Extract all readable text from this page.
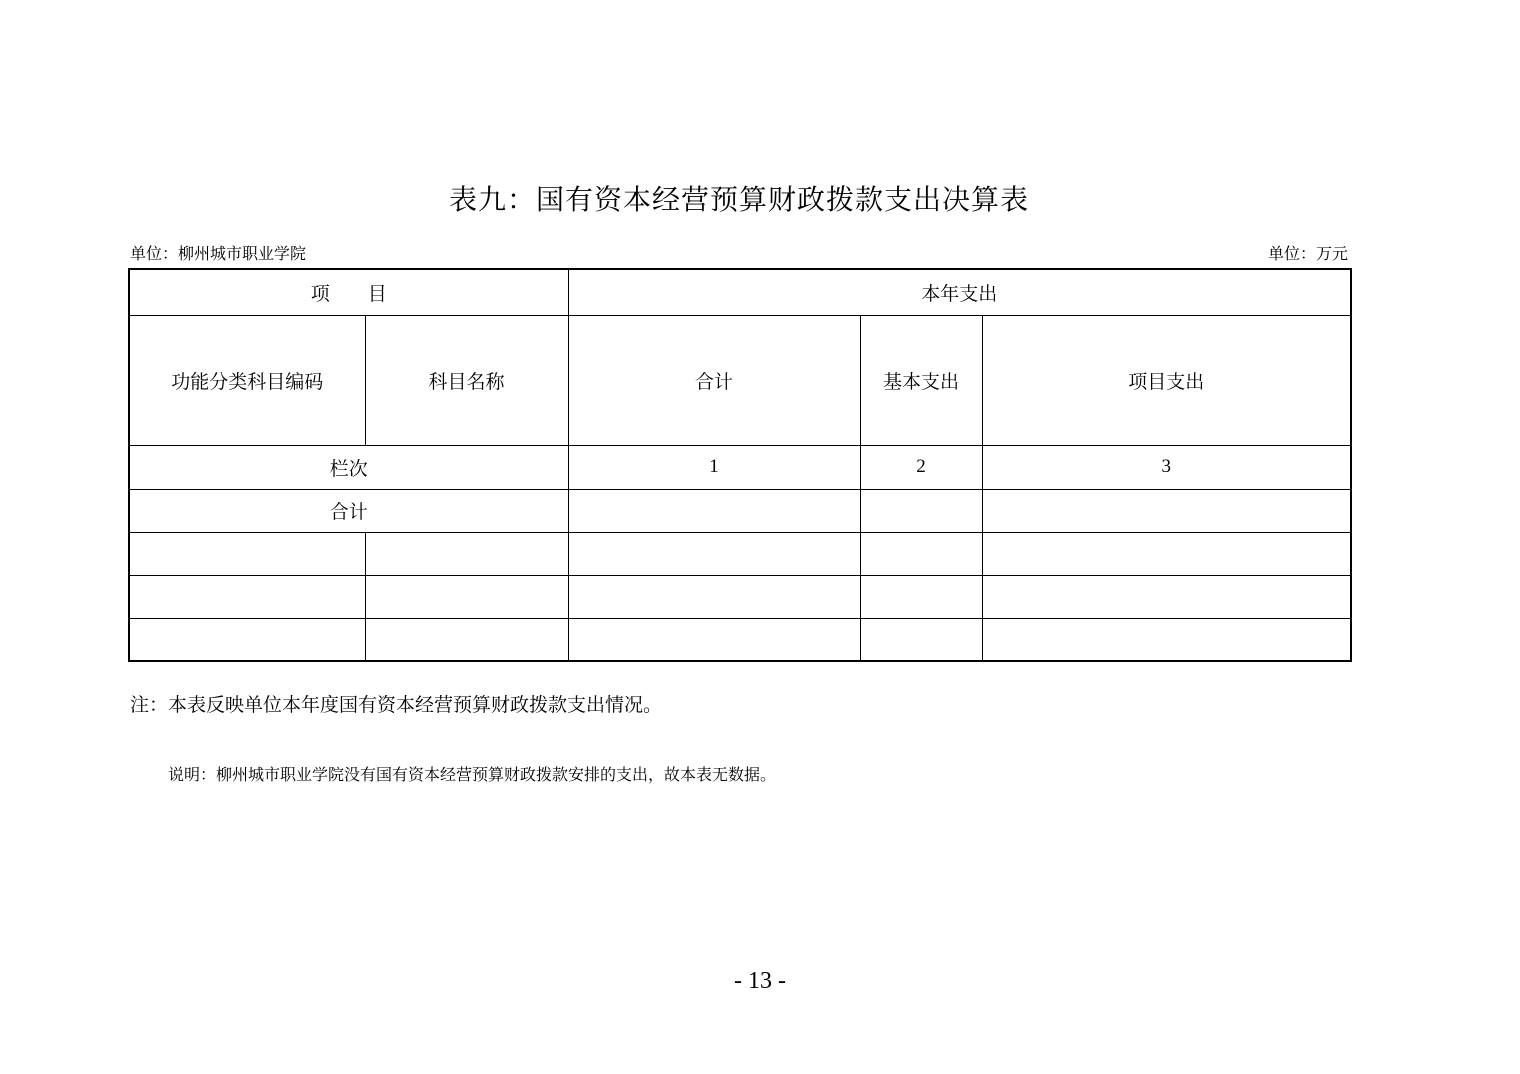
表九：国有资本经营预算财政拨款支出决算表
单位：柳州城市职业学院	单位：万元
项　　目		本年支出		
功能分类科目编码	科目名称	合计	基本支出	项目支出
栏次		1	2	3
合计				

注：本表反映单位本年度国有资本经营预算财政拨款支出情况。
说明：柳州城市职业学院没有国有资本经营预算财政拨款安排的支出，故本表无数据。
- 13 -
